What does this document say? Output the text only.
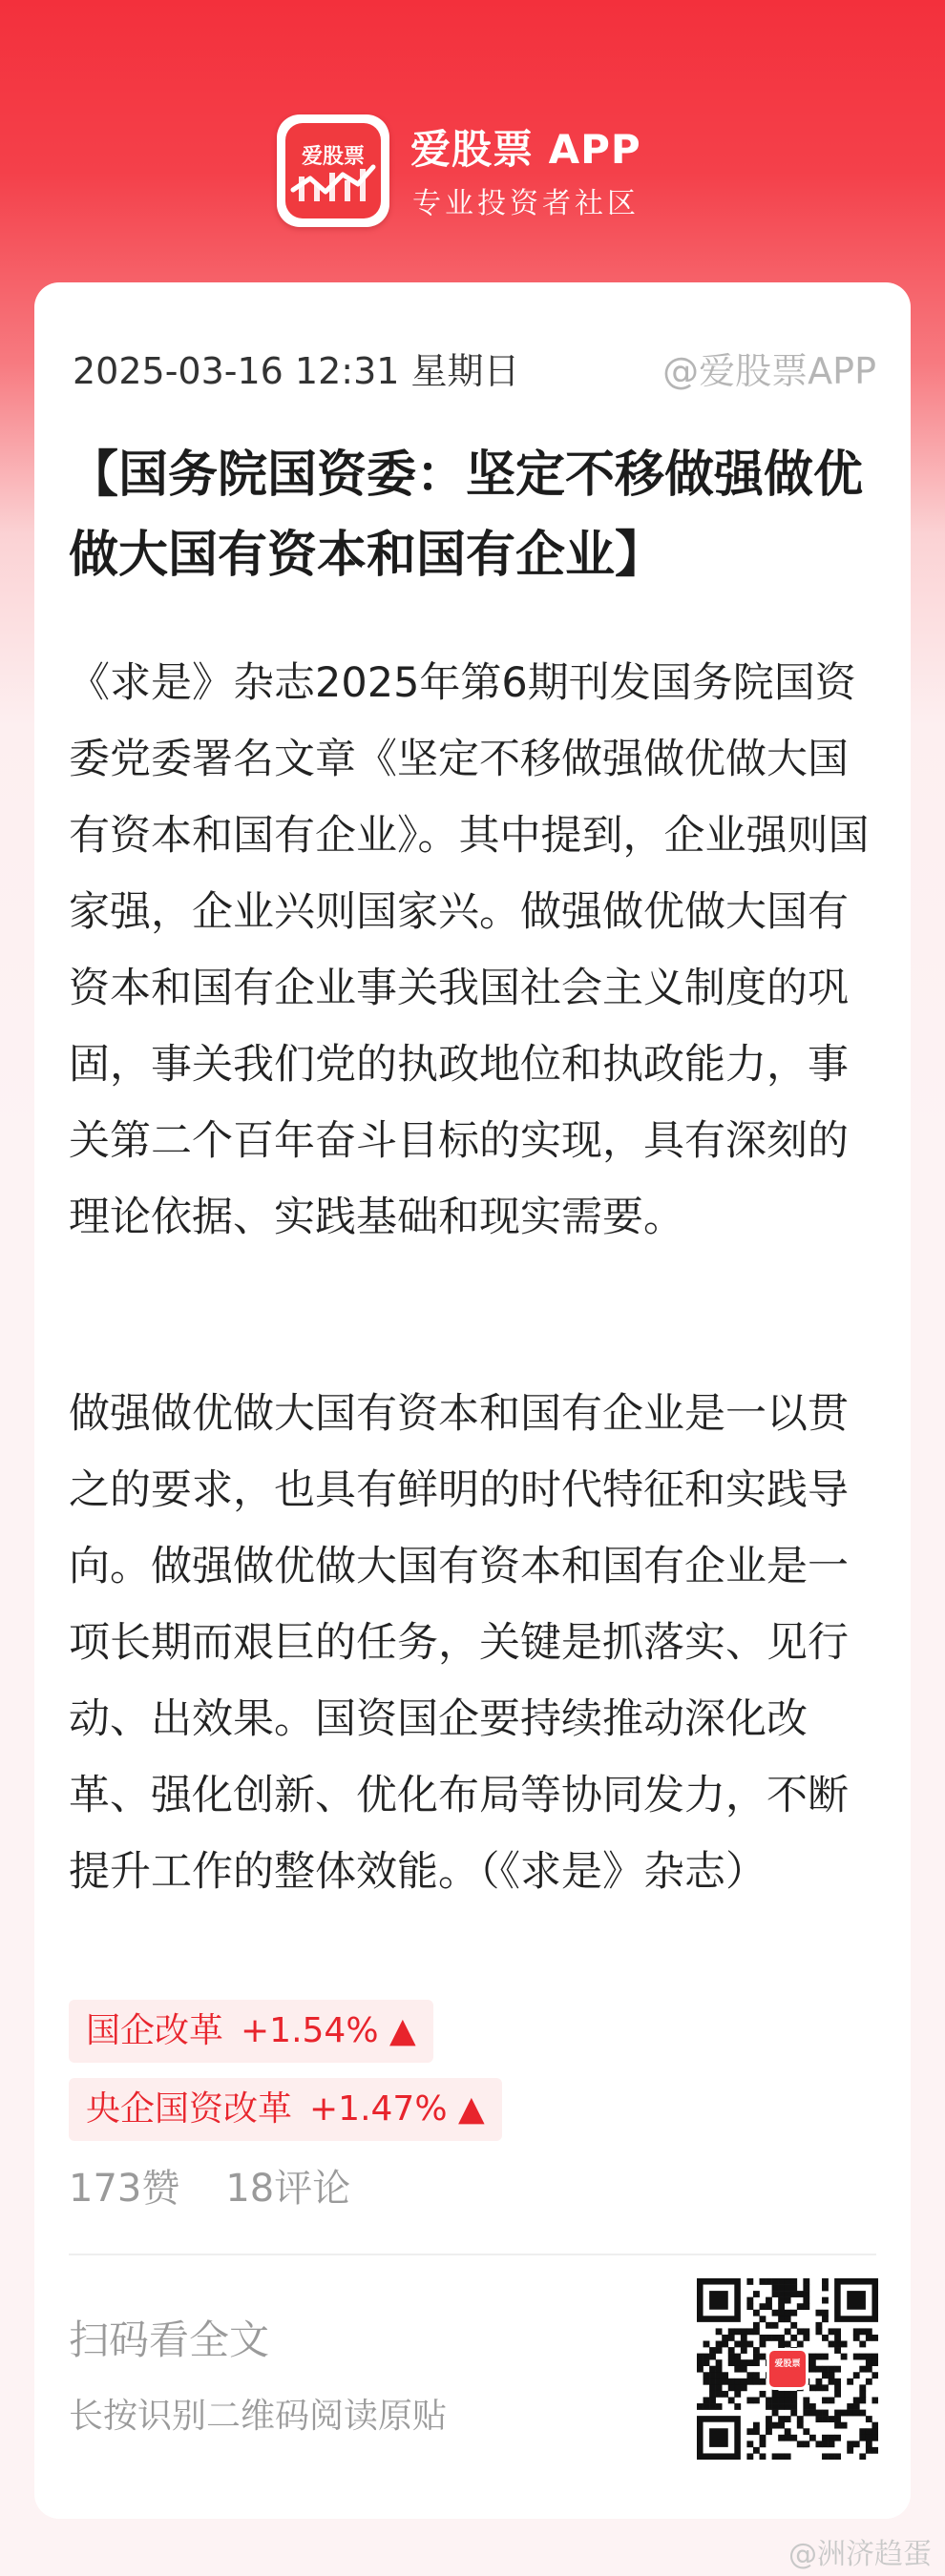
爱股票	爱股票 APP
专业投资者社区
2025-03-16 12:31 星期日	@爱股票APP
【国务院国资委：坚定不移做强做优做大国有资本和国有企业】

《求是》杂志2025年第6期刊发国务院国资委党委署名文章《坚定不移做强做优做大国有资本和国有企业》。其中提到，企业强则国家强，企业兴则国家兴。做强做优做大国有资本和国有企业事关我国社会主义制度的巩固，事关我们党的执政地位和执政能力，事关第二个百年奋斗目标的实现，具有深刻的理论依据、实践基础和现实需要。

做强做优做大国有资本和国有企业是一以贯之的要求，也具有鲜明的时代特征和实践导向。做强做优做大国有资本和国有企业是一项长期而艰巨的任务，关键是抓落实、见行动、出效果。国资国企要持续推动深化改革、强化创新、优化布局等协同发力，不断提升工作的整体效能。（《求是》杂志）

国企改革 +1.54% ▲
央企国资改革 +1.47% ▲
173赞 18评论
扫码看全文
长按识别二维码阅读原贴
爱股票
@洲济趋蛋
